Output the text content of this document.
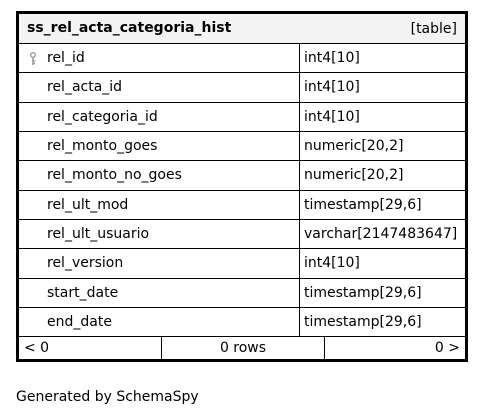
ss_rel_acta_categoria_hist	[table]
rel_id	int4[10]
rel_acta_id	int4[10]
rel_categoria_id	int4[10]
rel_monto_goes	numeric[20,2]
rel_monto_no_goes	numeric[20,2]
rel_ult_mod	timestamp[29,6]
rel_ult_usuario	varchar[2147483647]
rel_version	int4[10]
start_date	timestamp[29,6]
end_date	timestamp[29,6]
< 0	0 rows	0 >
Generated by SchemaSpy
